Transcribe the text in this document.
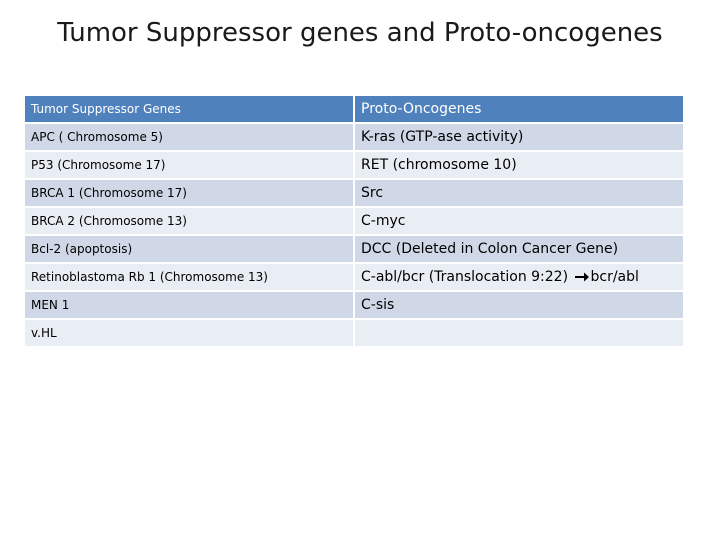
Tumor Suppressor genes and Proto-oncogenes
Tumor Suppressor Genes	Proto-Oncogenes
APC ( Chromosome 5)	K-ras (GTP-ase activity)
P53 (Chromosome 17)	RET (chromosome 10)
BRCA 1 (Chromosome 17)	Src
BRCA 2 (Chromosome 13)	C-myc
Bcl-2 (apoptosis)	DCC (Deleted in Colon Cancer Gene)
Retinoblastoma Rb 1 (Chromosome 13)	C-abl/bcr (Translocation 9:22) bcr/abl
MEN 1	C-sis
v.HL	
